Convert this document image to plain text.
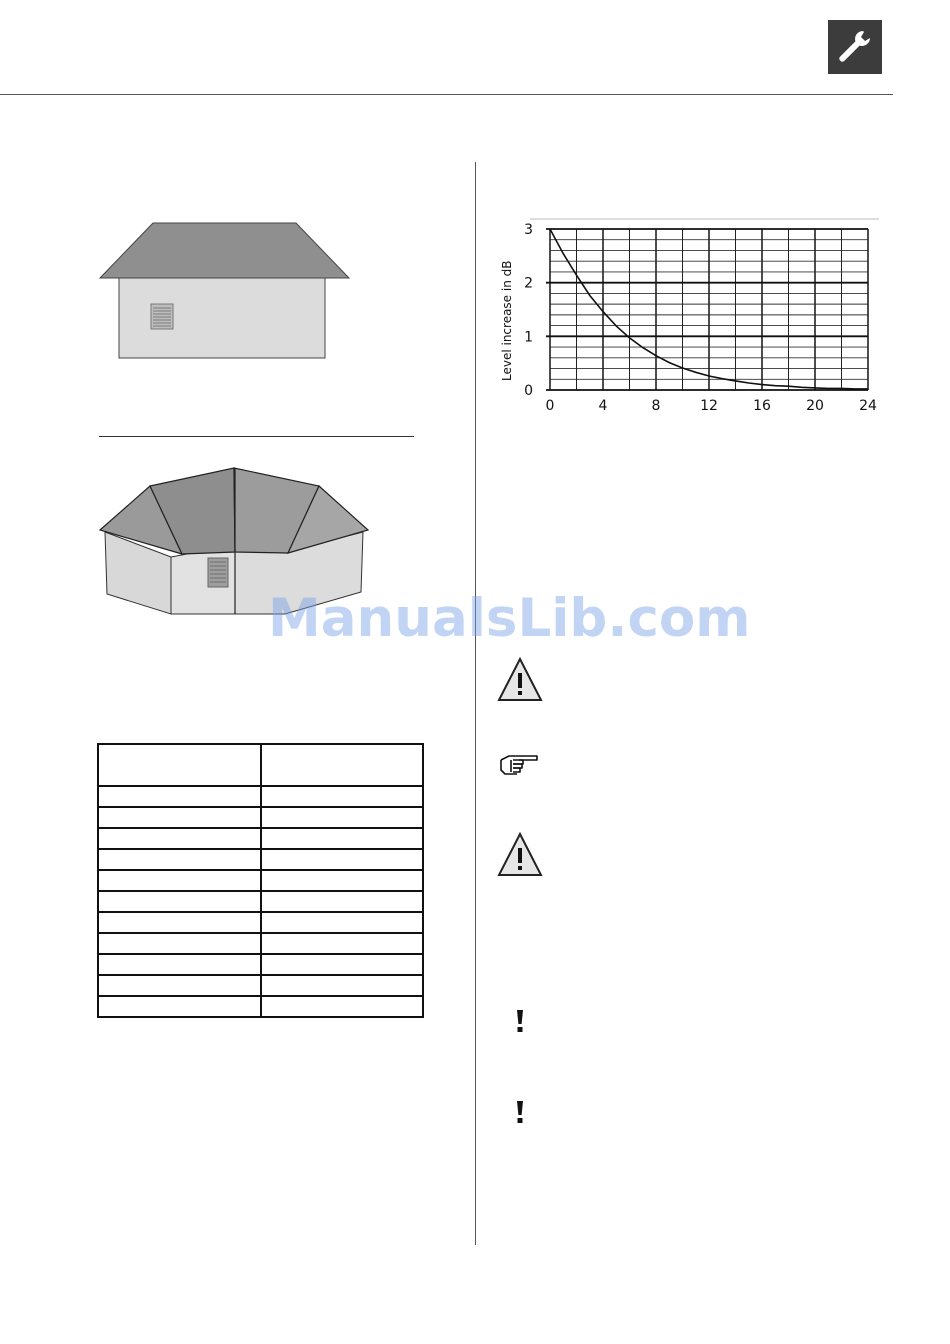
0	4	8	12	16	20	24
0
1
2
3
Level increase in dB
ManualsLib.com
